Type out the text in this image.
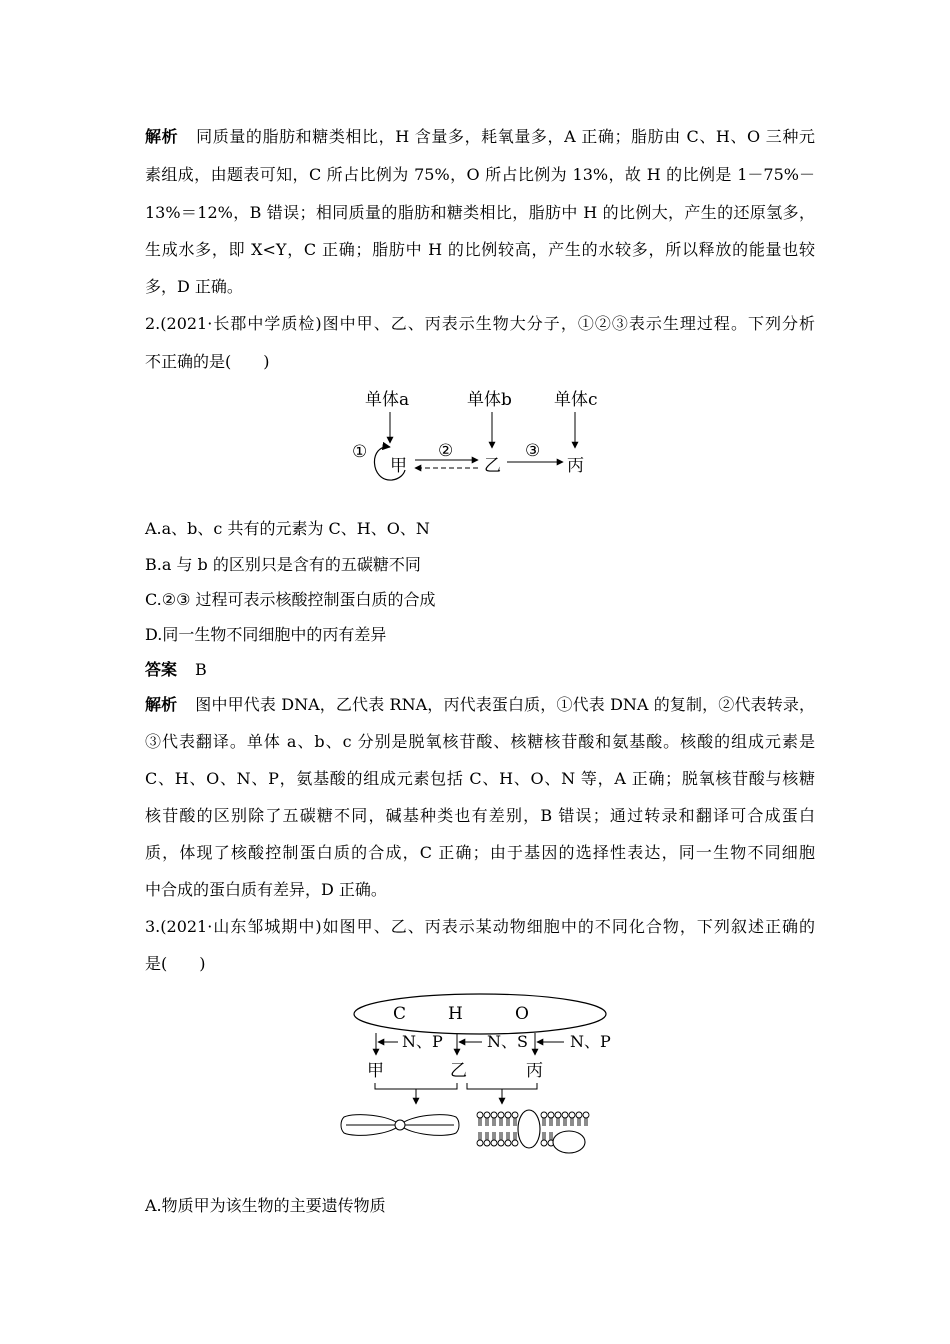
解析 同质量的脂肪和糖类相比，H 含量多，耗氧量多，A 正确；脂肪由 C、H、O 三种元
素组成，由题表可知，C 所占比例为 75%，O 所占比例为 13%，故 H 的比例是 1－75%－
13%＝12%，B 错误；相同质量的脂肪和糖类相比，脂肪中 H 的比例大，产生的还原氢多，
生成水多，即 X<Y，C 正确；脂肪中 H 的比例较高，产生的水较多，所以释放的能量也较
多，D 正确。
2.(2021·长郡中学质检)图中甲、乙、丙表示生物大分子，①②③表示生理过程。下列分析
不正确的是(　　)
单体a	单体b 单体c
①
甲
②
乙
③
丙
A.a、b、c 共有的元素为 C、H、O、N
B.a 与 b 的区别只是含有的五碳糖不同
C.②③ 过程可表示核酸控制蛋白质的合成
D.同一生物不同细胞中的丙有差异
答案 B
解析 图中甲代表 DNA，乙代表 RNA，丙代表蛋白质，①代表 DNA 的复制，②代表转录，
③代表翻译。单体 a、b、c 分别是脱氧核苷酸、核糖核苷酸和氨基酸。核酸的组成元素是
C、H、O、N、P，氨基酸的组成元素包括 C、H、O、N 等，A 正确；脱氧核苷酸与核糖
核苷酸的区别除了五碳糖不同，碱基种类也有差别，B 错误；通过转录和翻译可合成蛋白
质，体现了核酸控制蛋白质的合成，C 正确；由于基因的选择性表达，同一生物不同细胞
中合成的蛋白质有差异，D 正确。
3.(2021·山东邹城期中)如图甲、乙、丙表示某动物细胞中的不同化合物，下列叙述正确的
是(　　)
C H	O
N、P	N、S	N、P
甲	乙	丙
A.物质甲为该生物的主要遗传物质
